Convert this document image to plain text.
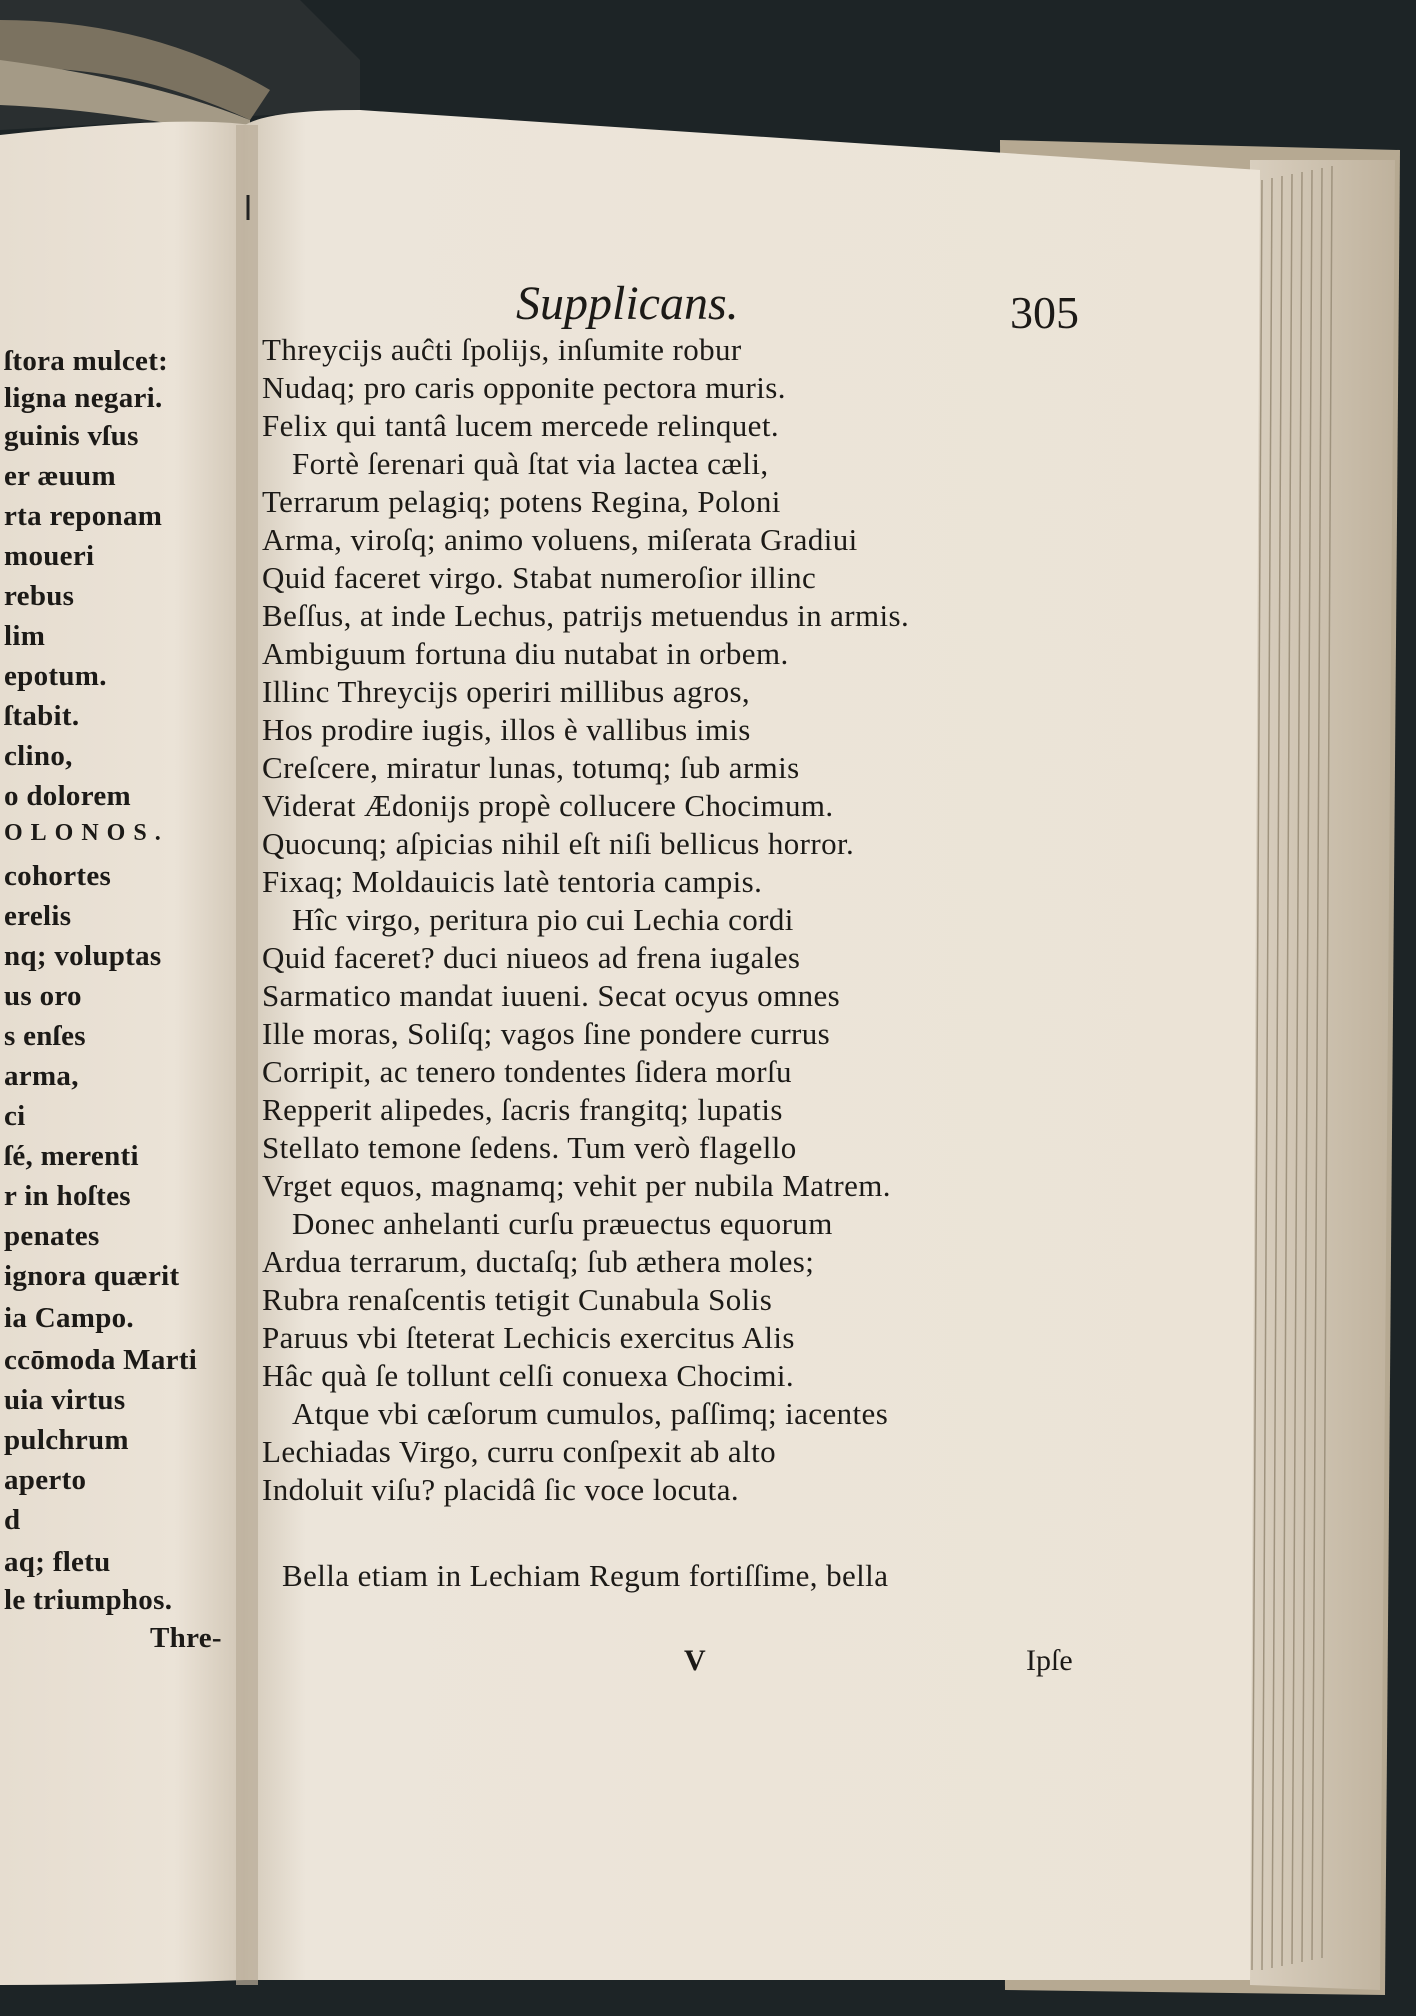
ſtora mulcet:
ligna negari.
guinis vſus
er æuum
rta reponam
moueri
rebus
lim
epotum.
ſtabit.
clino,
o dolorem
OLONOS.
cohortes
erelis
nq; voluptas
us oro
s enſes
arma,
ci
ſé, merenti
r in hoſtes
penates
ignora quærit
ia Campo.
ccōmoda Marti
uia virtus
pulchrum
aperto
d
aq; fletu
le triumphos.
Thre-
Supplicans.	305
Threycijs auĉti ſpolijs, inſumite robur
Nudaq; pro caris opponite pectora muris.
Felix qui tantâ lucem mercede relinquet.
Fortè ſerenari quà ſtat via lactea cæli,
Terrarum pelagiq; potens Regina, Poloni
Arma, viroſq; animo voluens, miſerata Gradiui
Quid faceret virgo. Stabat numeroſior illinc
Beſſus, at inde Lechus, patrijs metuendus in armis.
Ambiguum fortuna diu nutabat in orbem.
Illinc Threycijs operiri millibus agros,
Hos prodire iugis, illos è vallibus imis
Creſcere, miratur lunas, totumq; ſub armis
Viderat Ædonijs propè collucere Chocimum.
Quocunq; aſpicias nihil eſt niſi bellicus horror.
Fixaq; Moldauicis latè tentoria campis.
Hîc virgo, peritura pio cui Lechia cordi
Quid faceret? duci niueos ad frena iugales
Sarmatico mandat iuueni. Secat ocyus omnes
Ille moras, Soliſq; vagos ſine pondere currus
Corripit, ac tenero tondentes ſidera morſu
Repperit alipedes, ſacris frangitq; lupatis
Stellato temone ſedens. Tum verò flagello
Vrget equos, magnamq; vehit per nubila Matrem.
Donec anhelanti curſu præuectus equorum
Ardua terrarum, ductaſq; ſub æthera moles;
Rubra renaſcentis tetigit Cunabula Solis
Paruus vbi ſteterat Lechicis exercitus Alis
Hâc quà ſe tollunt celſi conuexa Chocimi.
Atque vbi cæſorum cumulos, paſſimq; iacentes
Lechiadas Virgo, curru conſpexit ab alto
Indoluit viſu? placidâ ſic voce locuta.
Bella etiam in Lechiam Regum fortiſſime, bella
V	Ipſe
